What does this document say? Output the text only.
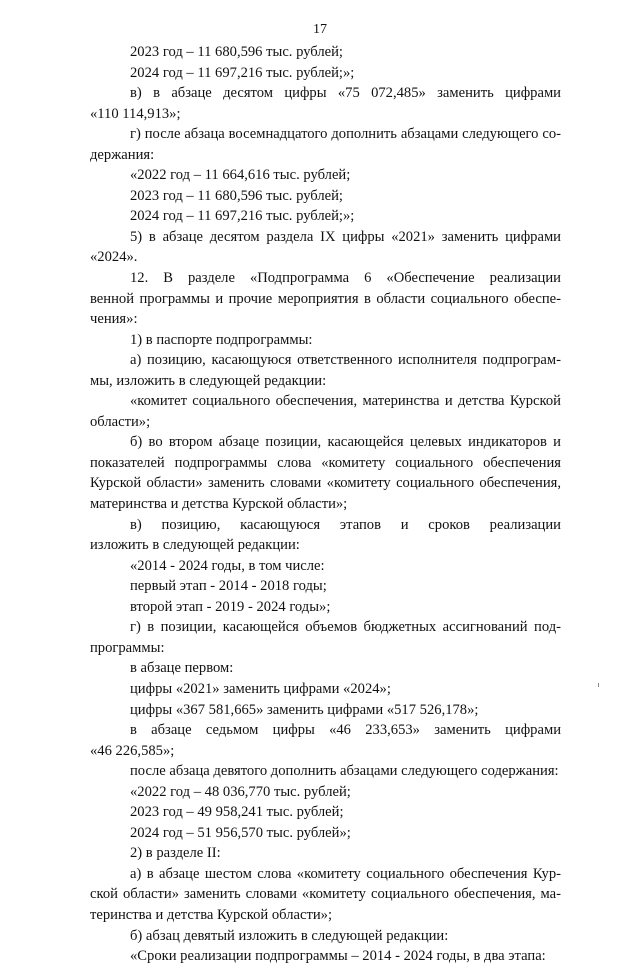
17
2023 год – 11 680,596 тыс. рублей;
2024 год – 11 697,216 тыс. рублей;»;
в) в абзаце десятом цифры «75 072,485» заменить цифрами
«110 114,913»;
г) после абзаца восемнадцатого дополнить абзацами следующего со-
держания:
«2022 год – 11 664,616 тыс. рублей;
2023 год – 11 680,596 тыс. рублей;
2024 год – 11 697,216 тыс. рублей;»;
5) в абзаце десятом раздела IX цифры «2021» заменить цифрами
«2024».
12. В разделе «Подпрограмма 6 «Обеспечение реализации
венной программы и прочие мероприятия в области социального обеспе-
чения»:
1) в паспорте подпрограммы:
а) позицию, касающуюся ответственного исполнителя подпрограм-
мы, изложить в следующей редакции:
«комитет социального обеспечения, материнства и детства Курской
области»;
б) во втором абзаце позиции, касающейся целевых индикаторов и
показателей подпрограммы слова «комитету социального обеспечения
Курской области» заменить словами «комитету социального обеспечения,
материнства и детства Курской области»;
в) позицию, касающуюся этапов и сроков реализации
изложить в следующей редакции:
«2014 - 2024 годы, в том числе:
первый этап - 2014 - 2018 годы;
второй этап - 2019 - 2024 годы»;
г) в позиции, касающейся объемов бюджетных ассигнований под-
программы:
в абзаце первом:
цифры «2021» заменить цифрами «2024»;
цифры «367 581,665» заменить цифрами «517 526,178»;
в абзаце седьмом цифры «46 233,653» заменить цифрами
«46 226,585»;
после абзаца девятого дополнить абзацами следующего содержания:
«2022 год – 48 036,770 тыс. рублей;
2023 год – 49 958,241 тыс. рублей;
2024 год – 51 956,570 тыс. рублей»;
2) в разделе II:
а) в абзаце шестом слова «комитету социального обеспечения Кур-
ской области» заменить словами «комитету социального обеспечения, ма-
теринства и детства Курской области»;
б) абзац девятый изложить в следующей редакции:
«Сроки реализации подпрограммы – 2014 - 2024 годы, в два этапа:
